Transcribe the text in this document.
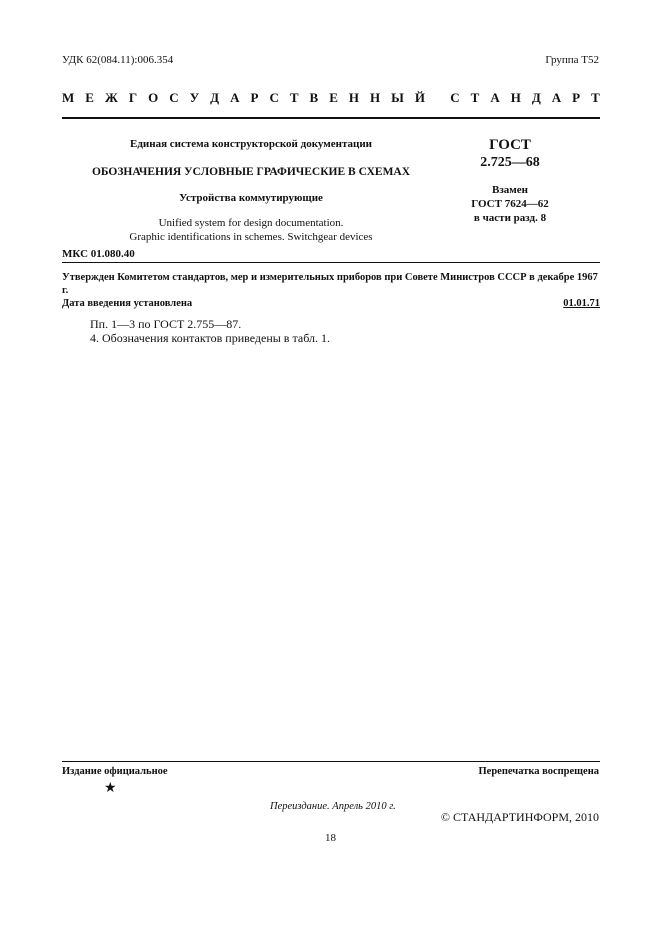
УДК 62(084.11):006.354	Группа Т52
М Е Ж Г О С У Д А Р С Т В Е Н Н Ы Й
С Т А Н Д А Р Т
Единая система конструкторской документации
ОБОЗНАЧЕНИЯ УСЛОВНЫЕ ГРАФИЧЕСКИЕ В СХЕМАХ
Устройства коммутирующие
Unified system for design documentation.
Graphic identifications in schemes. Switchgear devices
ГОСТ
2.725—68
Взамен
ГОСТ 7624—62
в части разд. 8
МКС 01.080.40
Утвержден Комитетом стандартов, мер и измерительных приборов при Совете Министров СССР в декабре 1967 г.
Дата введения установлена	01.01.71

Пп. 1—3 по ГОСТ 2.755—87.

4. Обозначения контактов приведены в табл. 1.

Издание официальное	Перепечатка воспрещена
★
Переиздание. Апрель 2010 г.
© СТАНДАРТИНФОРМ, 2010
18
